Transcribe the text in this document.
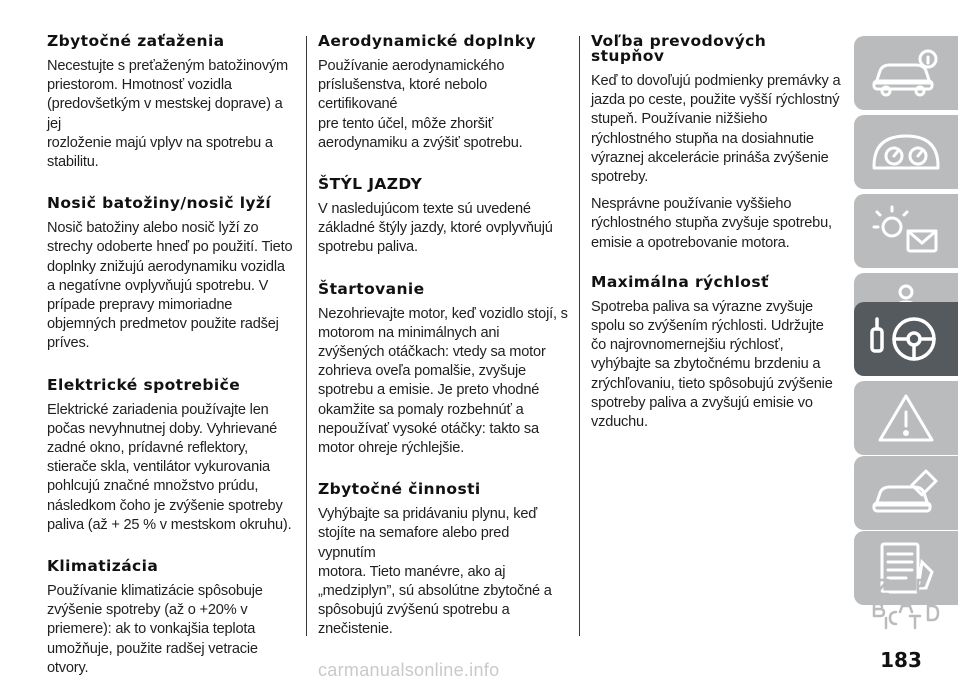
Zbytočné zaťaženia

Necestujte s preťaženým batožinovým
priestorom. Hmotnosť vozidla
(predovšetkým v mestskej doprave) a jej
rozloženie majú vplyv na spotrebu a
stabilitu.

Nosič batožiny/nosič lyží

Nosič batožiny alebo nosič lyží zo
strechy odoberte hneď po použití. Tieto
doplnky znižujú aerodynamiku vozidla
a negatívne ovplyvňujú spotrebu. V
prípade prepravy mimoriadne
objemných predmetov použite radšej
príves.

Elektrické spotrebiče

Elektrické zariadenia používajte len
počas nevyhnutnej doby. Vyhrievané
zadné okno, prídavné reflektory,
stierače skla, ventilátor vykurovania
pohlcujú značné množstvo prúdu,
následkom čoho je zvýšenie spotreby
paliva (až + 25 % v mestskom okruhu).

Klimatizácia

Používanie klimatizácie spôsobuje
zvýšenie spotreby (až o +20% v
priemere): ak to vonkajšia teplota
umožňuje, použite radšej vetracie
otvory.

Aerodynamické doplnky

Používanie aerodynamického
príslušenstva, ktoré nebolo certifikované
pre tento účel, môže zhoršiť
aerodynamiku a zvýšiť spotrebu.

ŠTÝL JAZDY

V nasledujúcom texte sú uvedené
základné štýly jazdy, ktoré ovplyvňujú
spotrebu paliva.

Štartovanie

Nezohrievajte motor, keď vozidlo stojí, s
motorom na minimálnych ani
zvýšených otáčkach: vtedy sa motor
zohrieva oveľa pomalšie, zvyšuje
spotrebu a emisie. Je preto vhodné
okamžite sa pomaly rozbehnúť a
nepoužívať vysoké otáčky: takto sa
motor ohreje rýchlejšie.

Zbytočné činnosti

Vyhýbajte sa pridávaniu plynu, keď
stojíte na semafore alebo pred vypnutím
motora. Tieto manévre, ako aj
„medziplyn”, sú absolútne zbytočné a
spôsobujú zvýšenú spotrebu a
znečistenie.

Voľba prevodových
stupňov

Keď to dovoľujú podmienky premávky a
jazda po ceste, použite vyšší rýchlostný
stupeň. Používanie nižšieho
rýchlostného stupňa na dosiahnutie
výraznej akcelerácie prináša zvýšenie
spotreby.

Nesprávne používanie vyššieho
rýchlostného stupňa zvyšuje spotrebu,
emisie a opotrebovanie motora.

Maximálna rýchlosť

Spotreba paliva sa výrazne zvyšuje
spolu so zvýšením rýchlosti. Udržujte
čo najrovnomernejšiu rýchlosť,
vyhýbajte sa zbytočnému brzdeniu a
zrýchľovaniu, tieto spôsobujú zvýšenie
spotreby paliva a zvyšujú emisie vo
vzduchu.

183
carmanualsonline.info
